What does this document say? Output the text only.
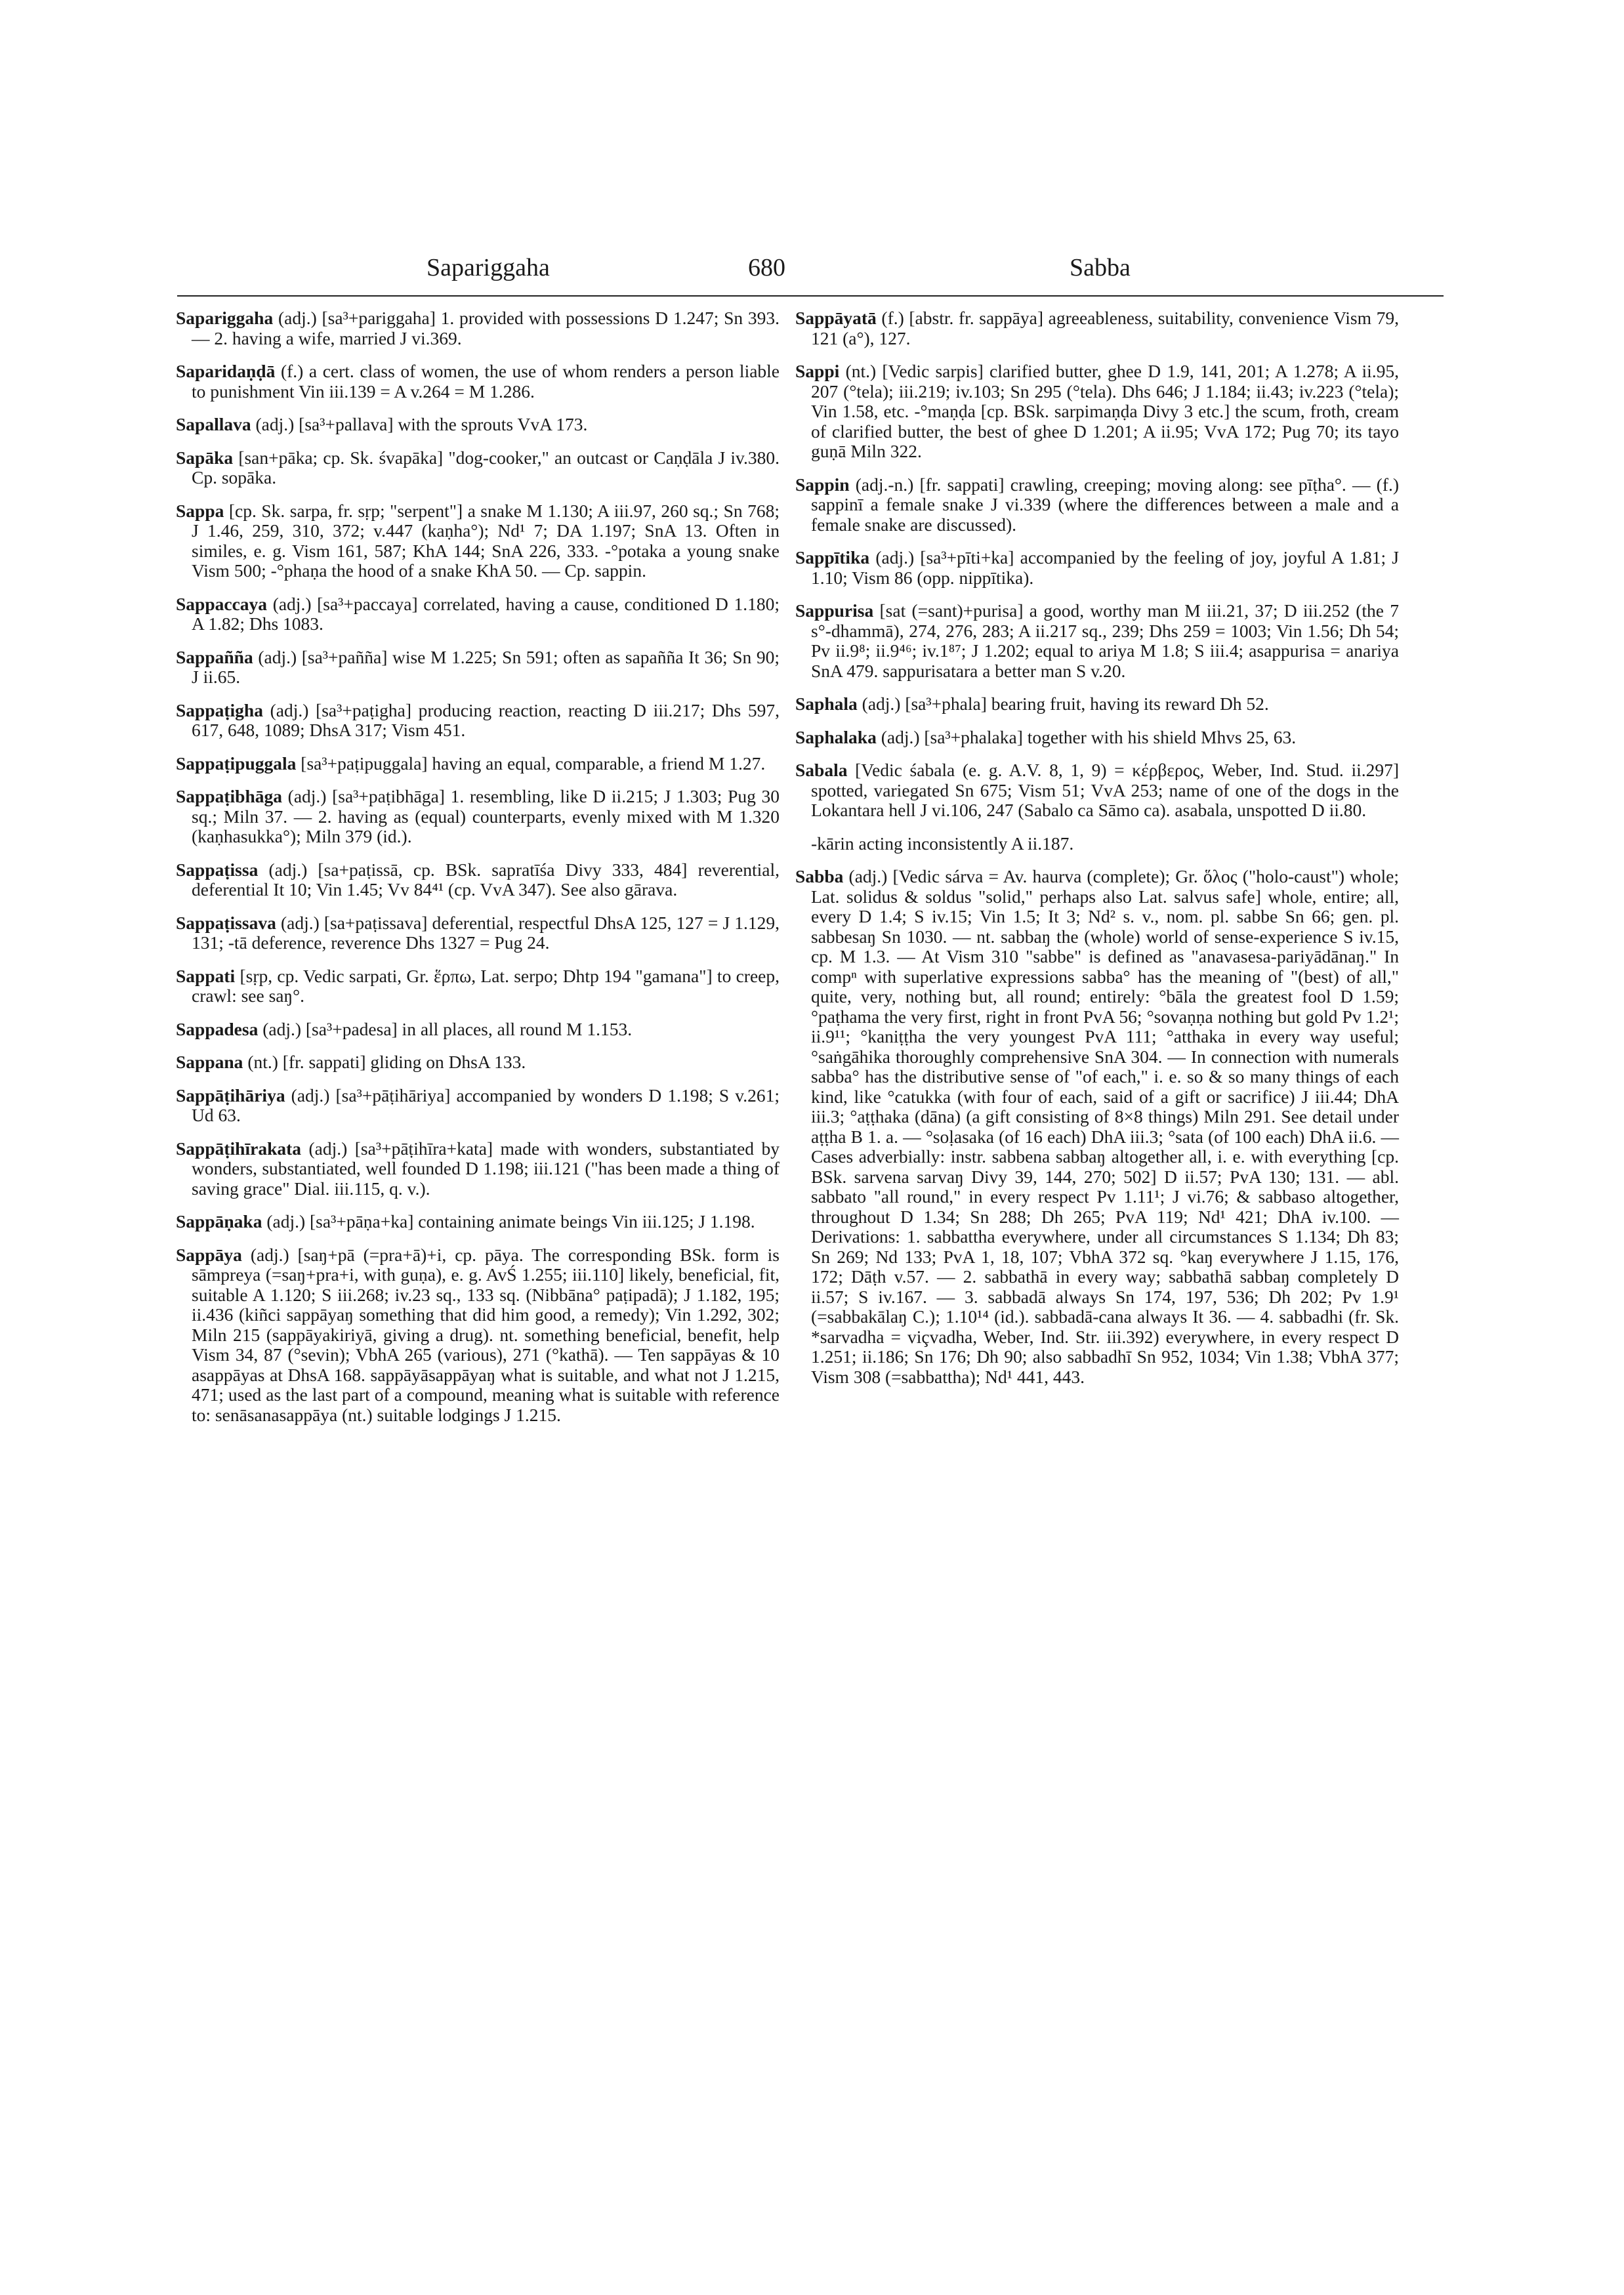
Sapariggaha	680	Sabba

Sapariggaha (adj.) [sa³+pariggaha] 1. provided with possessions D 1.247; Sn 393. — 2. having a wife, married J vi.369.

Saparidaṇḍā (f.) a cert. class of women, the use of whom renders a person liable to punishment Vin iii.139 = A v.264 = M 1.286.

Sapallava (adj.) [sa³+pallava] with the sprouts VvA 173.

Sapāka [san+pāka; cp. Sk. śvapāka] "dog-cooker," an outcast or Caṇḍāla J iv.380. Cp. sopāka.

Sappa [cp. Sk. sarpa, fr. sṛp; "serpent"] a snake M 1.130; A iii.97, 260 sq.; Sn 768; J 1.46, 259, 310, 372; v.447 (kaṇha°); Nd¹ 7; DA 1.197; SnA 13. Often in similes, e. g. Vism 161, 587; KhA 144; SnA 226, 333. -°potaka a young snake Vism 500; -°phaṇa the hood of a snake KhA 50. — Cp. sappin.

Sappaccaya (adj.) [sa³+paccaya] correlated, having a cause, conditioned D 1.180; A 1.82; Dhs 1083.

Sappañña (adj.) [sa³+pañña] wise M 1.225; Sn 591; often as sapañña It 36; Sn 90; J ii.65.

Sappaṭigha (adj.) [sa³+paṭigha] producing reaction, reacting D iii.217; Dhs 597, 617, 648, 1089; DhsA 317; Vism 451.

Sappaṭipuggala [sa³+paṭipuggala] having an equal, comparable, a friend M 1.27.

Sappaṭibhāga (adj.) [sa³+paṭibhāga] 1. resembling, like D ii.215; J 1.303; Pug 30 sq.; Miln 37. — 2. having as (equal) counterparts, evenly mixed with M 1.320 (kaṇhasukka°); Miln 379 (id.).

Sappaṭissa (adj.) [sa+paṭissā, cp. BSk. sapratīśa Divy 333, 484] reverential, deferential It 10; Vin 1.45; Vv 84⁴¹ (cp. VvA 347). See also gārava.

Sappaṭissava (adj.) [sa+paṭissava] deferential, respectful DhsA 125, 127 = J 1.129, 131; -tā deference, reverence Dhs 1327 = Pug 24.

Sappati [sṛp, cp. Vedic sarpati, Gr. ἕρπω, Lat. serpo; Dhtp 194 "gamana"] to creep, crawl: see saŋ°.

Sappadesa (adj.) [sa³+padesa] in all places, all round M 1.153.

Sappana (nt.) [fr. sappati] gliding on DhsA 133.

Sappāṭihāriya (adj.) [sa³+pāṭihāriya] accompanied by wonders D 1.198; S v.261; Ud 63.

Sappāṭihīrakata (adj.) [sa³+pāṭihīra+kata] made with wonders, substantiated by wonders, substantiated, well founded D 1.198; iii.121 ("has been made a thing of saving grace" Dial. iii.115, q. v.).

Sappāṇaka (adj.) [sa³+pāṇa+ka] containing animate beings Vin iii.125; J 1.198.

Sappāya (adj.) [saŋ+pā (=pra+ā)+i, cp. pāya. The corresponding BSk. form is sāmpreya (=saŋ+pra+i, with guṇa), e. g. AvŚ 1.255; iii.110] likely, beneficial, fit, suitable A 1.120; S iii.268; iv.23 sq., 133 sq. (Nibbāna° paṭipadā); J 1.182, 195; ii.436 (kiñci sappāyaŋ something that did him good, a remedy); Vin 1.292, 302; Miln 215 (sappāyakiriyā, giving a drug). nt. something beneficial, benefit, help Vism 34, 87 (°sevin); VbhA 265 (various), 271 (°kathā). — Ten sappāyas & 10 asappāyas at DhsA 168. sappāyāsappāyaŋ what is suitable, and what not J 1.215, 471; used as the last part of a compound, meaning what is suitable with reference to: senāsanasappāya (nt.) suitable lodgings J 1.215.

Sappāyatā (f.) [abstr. fr. sappāya] agreeableness, suitability, convenience Vism 79, 121 (a°), 127.

Sappi (nt.) [Vedic sarpis] clarified butter, ghee D 1.9, 141, 201; A 1.278; A ii.95, 207 (°tela); iii.219; iv.103; Sn 295 (°tela). Dhs 646; J 1.184; ii.43; iv.223 (°tela); Vin 1.58, etc. -°maṇḍa [cp. BSk. sarpimaṇḍa Divy 3 etc.] the scum, froth, cream of clarified butter, the best of ghee D 1.201; A ii.95; VvA 172; Pug 70; its tayo guṇā Miln 322.

Sappin (adj.-n.) [fr. sappati] crawling, creeping; moving along: see pīṭha°. — (f.) sappinī a female snake J vi.339 (where the differences between a male and a female snake are discussed).

Sappītika (adj.) [sa³+pīti+ka] accompanied by the feeling of joy, joyful A 1.81; J 1.10; Vism 86 (opp. nippītika).

Sappurisa [sat (=sant)+purisa] a good, worthy man M iii.21, 37; D iii.252 (the 7 s°-dhammā), 274, 276, 283; A ii.217 sq., 239; Dhs 259 = 1003; Vin 1.56; Dh 54; Pv ii.9⁸; ii.9⁴⁶; iv.1⁸⁷; J 1.202; equal to ariya M 1.8; S iii.4; asappurisa = anariya SnA 479. sappurisatara a better man S v.20.

Saphala (adj.) [sa³+phala] bearing fruit, having its reward Dh 52.

Saphalaka (adj.) [sa³+phalaka] together with his shield Mhvs 25, 63.

Sabala [Vedic śabala (e. g. A.V. 8, 1, 9) = κέρβερος, Weber, Ind. Stud. ii.297] spotted, variegated Sn 675; Vism 51; VvA 253; name of one of the dogs in the Lokantara hell J vi.106, 247 (Sabalo ca Sāmo ca). asabala, unspotted D ii.80.

-kārin acting inconsistently A ii.187.

Sabba (adj.) [Vedic sárva = Av. haurva (complete); Gr. ὅλος ("holo-caust") whole; Lat. solidus & soldus "solid," perhaps also Lat. salvus safe] whole, entire; all, every D 1.4; S iv.15; Vin 1.5; It 3; Nd² s. v., nom. pl. sabbe Sn 66; gen. pl. sabbesaŋ Sn 1030. — nt. sabbaŋ the (whole) world of sense-experience S iv.15, cp. M 1.3. — At Vism 310 "sabbe" is defined as "anavasesa-pariyādānaŋ." In compⁿ with superlative expressions sabba° has the meaning of "(best) of all," quite, very, nothing but, all round; entirely: °bāla the greatest fool D 1.59; °paṭhama the very first, right in front PvA 56; °sovaṇṇa nothing but gold Pv 1.2¹; ii.9¹¹; °kaniṭṭha the very youngest PvA 111; °atthaka in every way useful; °saṅgāhika thoroughly comprehensive SnA 304. — In connection with numerals sabba° has the distributive sense of "of each," i. e. so & so many things of each kind, like °catukka (with four of each, said of a gift or sacrifice) J iii.44; DhA iii.3; °aṭṭhaka (dāna) (a gift consisting of 8×8 things) Miln 291. See detail under aṭṭha B 1. a. — °soḷasaka (of 16 each) DhA iii.3; °sata (of 100 each) DhA ii.6. — Cases adverbially: instr. sabbena sabbaŋ altogether all, i. e. with everything [cp. BSk. sarvena sarvaŋ Divy 39, 144, 270; 502] D ii.57; PvA 130; 131. — abl. sabbato "all round," in every respect Pv 1.11¹; J vi.76; & sabbaso altogether, throughout D 1.34; Sn 288; Dh 265; PvA 119; Nd¹ 421; DhA iv.100. — Derivations: 1. sabbattha everywhere, under all circumstances S 1.134; Dh 83; Sn 269; Nd 133; PvA 1, 18, 107; VbhA 372 sq. °kaŋ everywhere J 1.15, 176, 172; Dāṭh v.57. — 2. sabbathā in every way; sabbathā sabbaŋ completely D ii.57; S iv.167. — 3. sabbadā always Sn 174, 197, 536; Dh 202; Pv 1.9¹ (=sabbakālaŋ C.); 1.10¹⁴ (id.). sabbadā-cana always It 36. — 4. sabbadhi (fr. Sk. *sarvadha = viçvadha, Weber, Ind. Str. iii.392) everywhere, in every respect D 1.251; ii.186; Sn 176; Dh 90; also sabbadhī Sn 952, 1034; Vin 1.38; VbhA 377; Vism 308 (=sabbattha); Nd¹ 441, 443.
